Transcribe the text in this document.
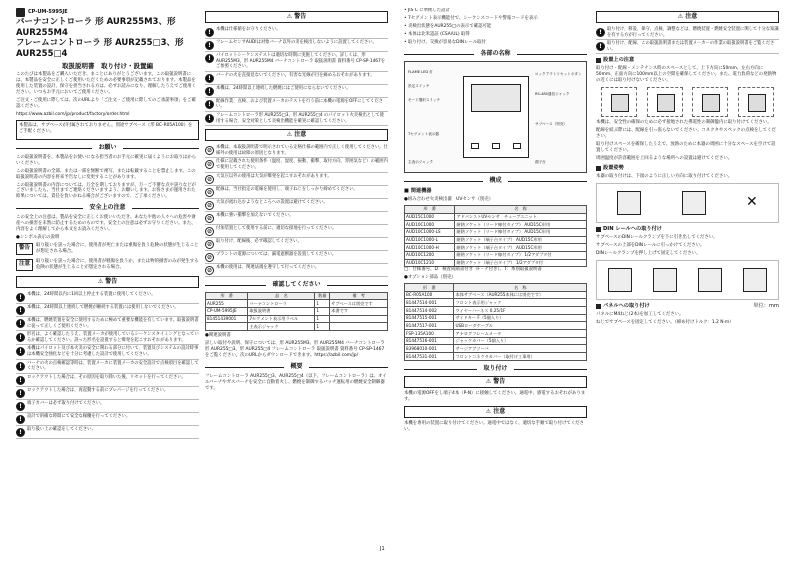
CP-UM-5995JE
バーナコントローラ 形 AUR255M3、形 AUR255M4
フレームコントローラ 形 AUR255□3、形 AUR255□4
取扱説明書　取り付け・設置編

このたびは本製品をご購入いただき、まことにありがとうございます。この取扱説明書には、本製品を安全に正しくご使用いただくための必要事項が記載されております。本製品を使用した装置の設計、保守を担当される方は、必ずお読みになり、理解したうえでご使用ください。いつもお手元においてご使用ください。

ご注文・ご使用に際しては、次のURLより「ご注文・ご使用に際してのご承諾事項」をご確認ください。

https://www.azbil.com/jp/product/factory/order.html

本製品は、サブベースが付属されておりません。別途サブベース（形 BC-R05A100）をご手配ください。

お願い

この取扱説明書を、本製品をお使いになる担当者のお手元に確実に届くようにお取りはからいください。

この取扱説明書の全部、または一部を無断で複写、または転載することを禁止します。この取扱説明書の内容を将来予告なしに変更することがあります。

この取扱説明書の内容については、万全を期しておりますが、万一ご不審な点や誤りなどがございましたら、当社までご連絡くださいますよう、お願いします。お客さまが運用された結果については、責任を負いかねる場合がございますので、ご了承ください。

安全上の注意

この安全上の注意は、製品を安全に正しくお使いいただき、あなたや他の人々への危害や財産への損害を未然に防止するためのものです。安全上の注意は必ずお守りください。また、内容をよく理解してから本文をお読みください。

●シンボル表示の説明

警告	取り扱いを誤った場合に、使用者が死亡または重傷を負う危険の状態が生じることが想定される場合。

注意	取り扱いを誤った場合に、使用者が軽傷を負うか、または物的損害のみが発生する危険の状態が生じることが想定される場合。

⚠ 警告
!	本機は、24時間以内に1回以上停止する装置に使用してください。
!	本機は、24時間以上連続して燃焼が継続する装置には使用しないでください。
!	本機は、燃焼装置を安全に使用するために極めて重要な機能を有しています。取扱説明書に従って正しくご使用ください。
!	形名は、よく確認したうえ、装置メーカが使用しているシーケンスタイミングとなっているか確認してください。誤った形名を設置すると爆発を起こすおそれがあります。
!	本機はパイロット及び本火炎の安全に関わる部分に付いて、装置及びシステムの設計時事は本機安全強化などを十分に考慮した設計で使用してください。
!	バーナの火の点検確認等時は、装置メーカに装置メーカの安全設計で点検項目を確認してください。
!	ロックアウトした場合は、その原因を取り除いた後、リセットを行ってください。
!	ロックアウトした場合は、再起動する前にプレパージを行ってください。
!	端子カバーは必ず取り付けてください。
!	設計で的確な時間にて安全な稼働を行ってください。
!	取り扱い上の確認をしてください。
⚠ 警告
!	本機は仕様値をお守りください。
!	フレームセンサAUDIは対象バーナ以外の炎を検出しないように設置してください。
!	パイロットシーケンステストは適切な時期に実施してください。詳しくは、形 AUR255M3、形 AUR255M4 バーナコントローラ 取扱説明書 資料番号 CP-SP-1467をご参照ください。
!	バーナの火を直接見ないでください。有害な光線が目を痛めるおそれがあります。
!	本機は、24時間以上連続した燃焼にはご使用にならないでください。
!	配線作業、点検、および装置メーカのテストを行う前に本機の電源をOFFにしてください。
!	フレームコントローラ形 AUR255□3、形 AUR255□4 のパイロット火炎検出として使用する場合、安全対策として炎検出機能を確実に確認してください。
⚠ 注意
⊘ 本機は、本取扱説明書で明示されている定格仕様の範囲内で正しく使用してください。仕様外の使用は故障の原因となります。
⊘ 仕様に記載された使用条件（温度、湿度、振動、衝撃、取付方向、雰囲気など）の範囲内で使用してください。
⊘ 大気圧以外の使用は大気が爆発を起こすおそれがあります。
⊘ 配線は、当社指定の電線を使用し、端子ねじをしっかり締めてください。
⊘ 大気が流れ込むようなところへの設置は避けてください。
⊘ 本機に強い衝撃を加えないでください。
⊘ 付加装置として使用する前に、適切な接地を行ってください。
⊘ 取り付け、配線後、必ず確認してください。
⊘ プラントの電源については、漏電遮断器を設置してください。
⊘ 本機の使用は、関連法規を遵守して行ってください。
確認してください
形　番	品　名	数量	備　考
AUR255	バーナコントローラ	1	サブベースは別売です
CP-UM-5995JE	取扱説明書	1	本書です
81451439001	7セグメント表示用ラベル	1	
	主表示ジャック	1	

●関連説明書

詳しい取付や説明、保守については、形 AUR255M3、形 AUR255M4 バーナコントローラ 形 AUR255□3、形 AUR255□4 フレームコントローラ 取扱説明書 資料番号 CP-SP-1467 をご覧ください。次のURLからダウンロードできます。https://azbil.com/jp/

概要

フレームコントローラ AUR255□3、AUR255□4（以下、フレームコントローラ）は、オイルバーナやガスバーナを安全に自動着火し、燃焼を制御するバッチ運転用の燃焼安全制御器です。

• JIS C に準拠した設計

• 7セグメント表示機能付で、シーケンスコードや警報コードを表示

• 炎検出状態をAUR255□の表示で確認可能

• 本体は北米認証 (CSA/UL) 取得

• 取り付け、交換が容易なDINレール取付

各部の名称
FLAME LED 灯
設定スイッチ
モード選択スイッチ
7セグメント表示器
ロックアウトリセットボタン
RS-485通信ジャック
サブベース（別売）
主表示ジャック	端子台
構成
■ 関連機器

●組み合わせ火炎検出器　UVセンサ（別売）

形　番	名　称
AUD15C1000	アドバンストUVセンサ　チューブユニット
AUD10C1000	耐熱ソケット（リード線付タイプ） AUD15C形用
AUD10C1000-LS	耐熱ソケット（リード線付タイプ） AUD15C形用
AUD10C1000-L	耐熱ソケット（端子台タイプ） AUD15C形用
AUD10C1000-H	耐熱ソケット（端子台タイプ） AUD15C形用
AUD10C1200	耐熱ソケット（リード線付タイプ） 1/2アダプタ付
AUD10C1210	耐熱ソケット（端子台タイプ） 1/2アダプタ付

□：仕様番号、D：検査成績書付き（F・ナ付き）、T：糸別取扱説明書

●オプション部品（別売）

形　番	名　称
BC-R05A100	本体サブベース（AUR255本体には別売です）
81447514-001	フロント表示用ジャック
81447514-002	ワイヤーハーネス 0.25/1F
81447515-001	サイドキー F（5個入り）
81447517-001	USBローダケーブル
FSP-135A100	アナログフレームメータ
81447516-001	ジャックカバー（5個入り）
83968010-001	サージアブソーバ
81447531-001	フロントコネクタカバー（取付け工事用）
取り付け
⚠ 警告

本機の電源OFFをし端子4本（P-N）に接触してください。通電中、感電するおそれがあります。

⚠ 注意

本機を専用の装置に取り付けてください。通電中ではなく、適切な手順で取り付けてください。

⚠ 注意
!	取り付け、移設、保守、点検、調整などは、燃焼装置・燃焼安全装置に関して十分な知識を有する方が行ってください。
!	取り付け、配線、この取扱説明書または装置メーカーの作業の取扱説明書をご覧ください。
設置上の注意

取り付け・配線・メンテナンス時のスペースとして、上下方向に50mm、左右方向に50mm、正面方向に100mm以上の空間を確保してください。また、電力負荷などの発熱物の近くには取り付けないでください。

本機は、安全性の確保のために必ず接地された導電性の制御盤内に取り付けてください。

配線を結ぶ際には、配線を引っ張らないでください。コネクタやスペックの点検をしてください。

取り付けスペースを確保したうえで、放熱のために本器の周囲に十分なスペースを空けて設置してください。

周囲温度が許容範囲を上回るような場所への設置は避けてください。

設置姿勢

本器の取り付けは、下図のように正しい方向に取り付けてください。

✕
DIN レールへの取り付け

サブベースのDINレールクランプを下に引き出してください。

サブベースの上部をDINレールに引っかけてください。

DINレールクランプを押し上げて固定してください。

パネルへの取り付け	単位：mm

パネルにM4ねじ(2本)を加工してください。

ねじでサブベースを固定してください。（締め付けトルク：1.2 N·m）

J1
